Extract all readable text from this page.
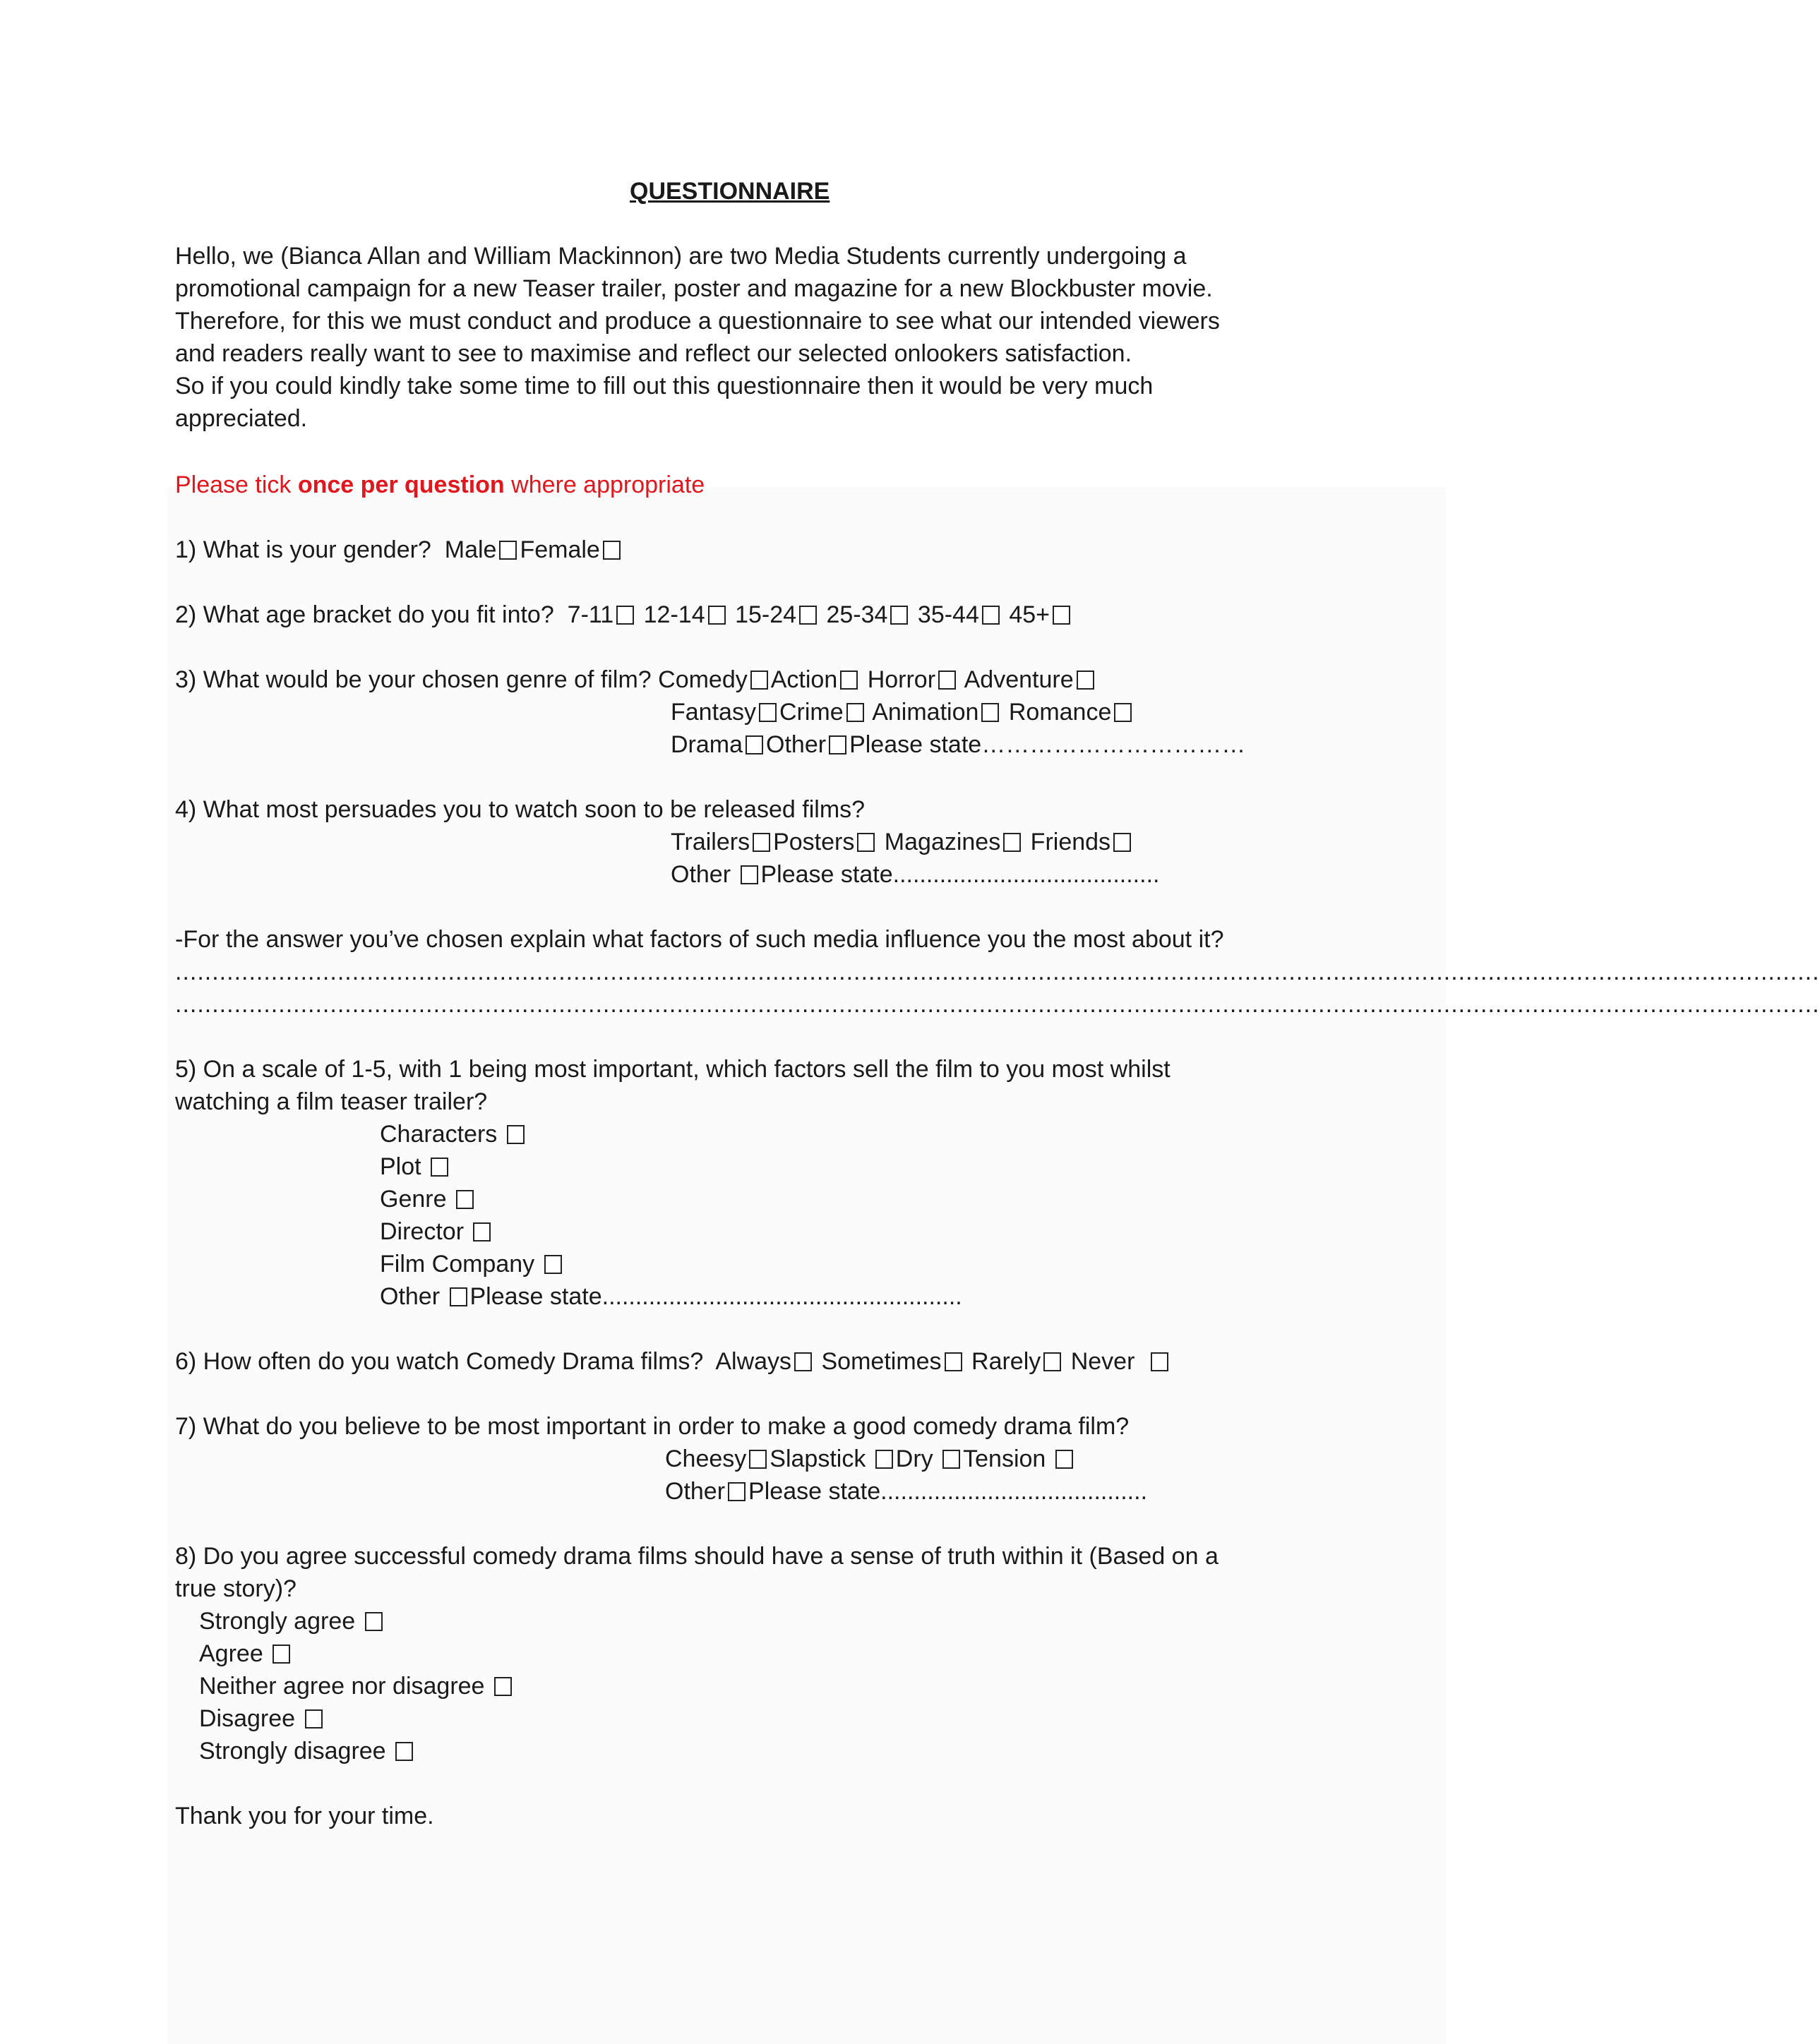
QUESTIONNAIRE
Hello, we (Bianca Allan and William Mackinnon) are two Media Students currently undergoing a
promotional campaign for a new Teaser trailer, poster and magazine for a new Blockbuster movie.
Therefore, for this we must conduct and produce a questionnaire to see what our intended viewers
and readers really want to see to maximise and reflect our selected onlookers satisfaction.
So if you could kindly take some time to fill out this questionnaire then it would be very much
appreciated.
Please tick once per question where appropriate
1) What is your gender? Male Female
2) What age bracket do you fit into? 7-11 12-14 15-24 25-34 35-44 45+
3) What would be your chosen genre of film? Comedy Action Horror Adventure
Fantasy Crime Animation Romance
Drama Other Please state……………………………
4) What most persuades you to watch soon to be released films?
Trailers Posters Magazines Friends
Other Please state........................................
-For the answer you’ve chosen explain what factors of such media influence you the most about it?
...............................................................................................................................................................................................................................
...............................................................................................................................................................................................................................
5) On a scale of 1-5, with 1 being most important, which factors sell the film to you most whilst
watching a film teaser trailer?
Characters
Plot
Genre
Director
Film Company
Other Please state......................................................
6) How often do you watch Comedy Drama films? Always Sometimes Rarely Never
7) What do you believe to be most important in order to make a good comedy drama film?
Cheesy Slapstick Dry Tension
Other Please state........................................
8) Do you agree successful comedy drama films should have a sense of truth within it (Based on a
true story)?
Strongly agree
Agree
Neither agree nor disagree
Disagree
Strongly disagree
Thank you for your time.
